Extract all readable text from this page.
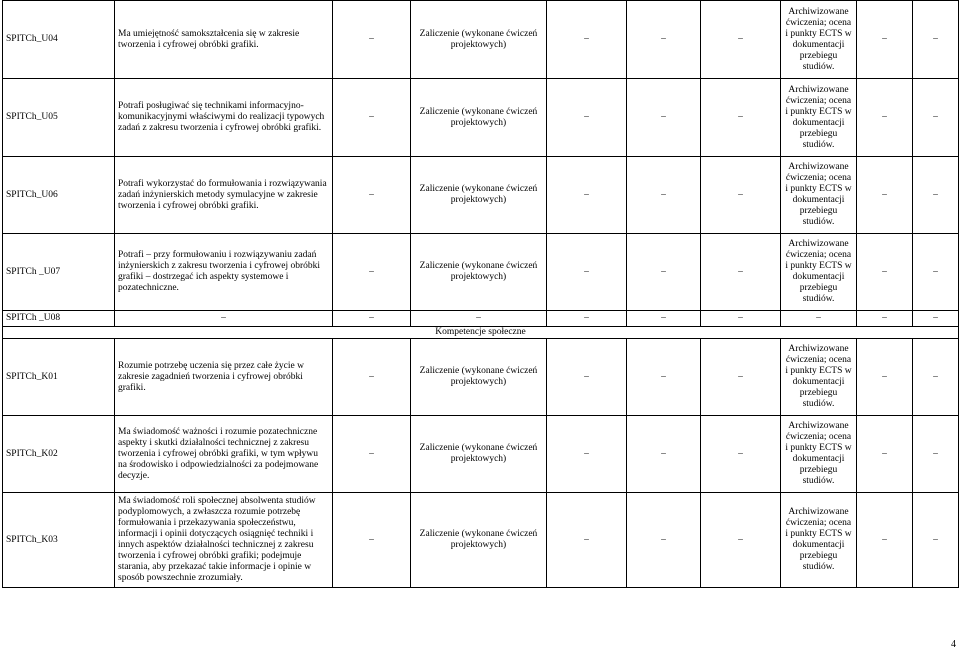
SPITCh_U04	Ma umiejętność samokształcenia się w zakresie tworzenia i cyfrowej obróbki grafiki.	–	Zaliczenie (wykonane ćwiczeń projektowych)	–	–	–	Archiwizowane ćwiczenia; ocena i punkty ECTS w dokumentacji przebiegu studiów.	–	–
SPITCh_U05	Potrafi posługiwać się technikami informacyjno-komunikacyjnymi właściwymi do realizacji typowych zadań z zakresu tworzenia i cyfrowej obróbki grafiki.	–	Zaliczenie (wykonane ćwiczeń projektowych)	–	–	–	Archiwizowane ćwiczenia; ocena i punkty ECTS w dokumentacji przebiegu studiów.	–	–
SPITCh_U06	Potrafi wykorzystać do formułowania i rozwiązywania zadań inżynierskich metody symulacyjne w zakresie tworzenia i cyfrowej obróbki grafiki.	–	Zaliczenie (wykonane ćwiczeń projektowych)	–	–	–	Archiwizowane ćwiczenia; ocena i punkty ECTS w dokumentacji przebiegu studiów.	–	–
SPITCh _U07	Potrafi – przy formułowaniu i rozwiązywaniu zadań inżynierskich z zakresu tworzenia i cyfrowej obróbki grafiki – dostrzegać ich aspekty systemowe i pozatechniczne.	–	Zaliczenie (wykonane ćwiczeń projektowych)	–	–	–	Archiwizowane ćwiczenia; ocena i punkty ECTS w dokumentacji przebiegu studiów.	–	–
SPITCh _U08	–	–	–	–	–	–	–	–	–
Kompetencje społeczne									
SPITCh_K01	Rozumie potrzebę uczenia się przez całe życie w zakresie zagadnień tworzenia i cyfrowej obróbki grafiki.	–	Zaliczenie (wykonane ćwiczeń projektowych)	–	–	–	Archiwizowane ćwiczenia; ocena i punkty ECTS w dokumentacji przebiegu studiów.	–	–
SPITCh_K02	Ma świadomość ważności i rozumie pozatechniczne aspekty i skutki działalności technicznej z zakresu tworzenia i cyfrowej obróbki grafiki, w tym wpływu na środowisko i odpowiedzialności za podejmowane decyzje.	–	Zaliczenie (wykonane ćwiczeń projektowych)	–	–	–	Archiwizowane ćwiczenia; ocena i punkty ECTS w dokumentacji przebiegu studiów.	–	–
SPITCh_K03	Ma świadomość roli społecznej absolwenta studiów podyplomowych, a zwłaszcza rozumie potrzebę formułowania i przekazywania społeczeństwu, informacji i opinii dotyczących osiągnięć techniki i innych aspektów działalności technicznej z zakresu tworzenia i cyfrowej obróbki grafiki; podejmuje starania, aby przekazać takie informacje i opinie w sposób powszechnie zrozumiały.	–	Zaliczenie (wykonane ćwiczeń projektowych)	–	–	–	Archiwizowane ćwiczenia; ocena i punkty ECTS w dokumentacji przebiegu studiów.	–	–
4
